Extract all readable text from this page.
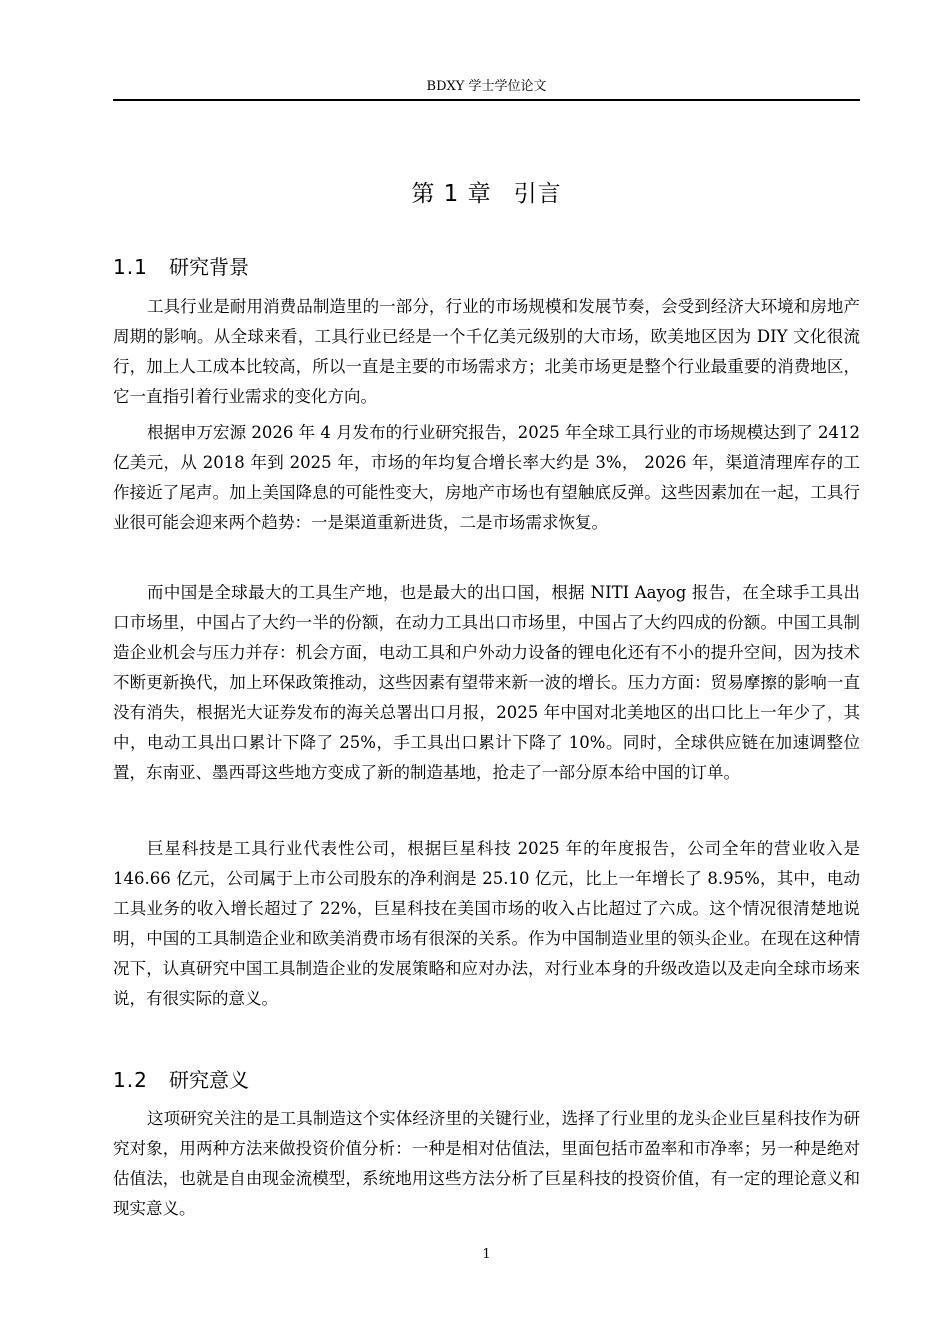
BDXY 学士学位论文
第 1 章 引言
1.1 研究背景

工具行业是耐用消费品制造里的一部分，行业的市场规模和发展节奏，会受到经济大环境和房地产周期的影响。从全球来看，工具行业已经是一个千亿美元级别的大市场，欧美地区因为 DIY 文化很流行，加上人工成本比较高，所以一直是主要的市场需求方；北美市场更是整个行业最重要的消费地区，它一直指引着行业需求的变化方向。

根据申万宏源 2026 年 4 月发布的行业研究报告，2025 年全球工具行业的市场规模达到了 2412 亿美元，从 2018 年到 2025 年，市场的年均复合增长率大约是 3%， 2026 年，渠道清理库存的工作接近了尾声。加上美国降息的可能性变大，房地产市场也有望触底反弹。这些因素加在一起，工具行业很可能会迎来两个趋势：一是渠道重新进货，二是市场需求恢复。

而中国是全球最大的工具生产地，也是最大的出口国，根据 NITI Aayog 报告，在全球手工具出口市场里，中国占了大约一半的份额，在动力工具出口市场里，中国占了大约四成的份额。中国工具制造企业机会与压力并存：机会方面，电动工具和户外动力设备的锂电化还有不小的提升空间，因为技术不断更新换代，加上环保政策推动，这些因素有望带来新一波的增长。压力方面：贸易摩擦的影响一直没有消失，根据光大证券发布的海关总署出口月报，2025 年中国对北美地区的出口比上一年少了，其中，电动工具出口累计下降了 25%，手工具出口累计下降了 10%。同时，全球供应链在加速调整位置，东南亚、墨西哥这些地方变成了新的制造基地，抢走了一部分原本给中国的订单。

巨星科技是工具行业代表性公司，根据巨星科技 2025 年的年度报告，公司全年的营业收入是 146.66 亿元，公司属于上市公司股东的净利润是 25.10 亿元，比上一年增长了 8.95%，其中，电动工具业务的收入增长超过了 22%，巨星科技在美国市场的收入占比超过了六成。这个情况很清楚地说明，中国的工具制造企业和欧美消费市场有很深的关系。作为中国制造业里的领头企业。在现在这种情况下，认真研究中国工具制造企业的发展策略和应对办法，对行业本身的升级改造以及走向全球市场来说，有很实际的意义。

1.2 研究意义

这项研究关注的是工具制造这个实体经济里的关键行业，选择了行业里的龙头企业巨星科技作为研究对象，用两种方法来做投资价值分析：一种是相对估值法，里面包括市盈率和市净率；另一种是绝对估值法，也就是自由现金流模型，系统地用这些方法分析了巨星科技的投资价值，有一定的理论意义和现实意义。

1
